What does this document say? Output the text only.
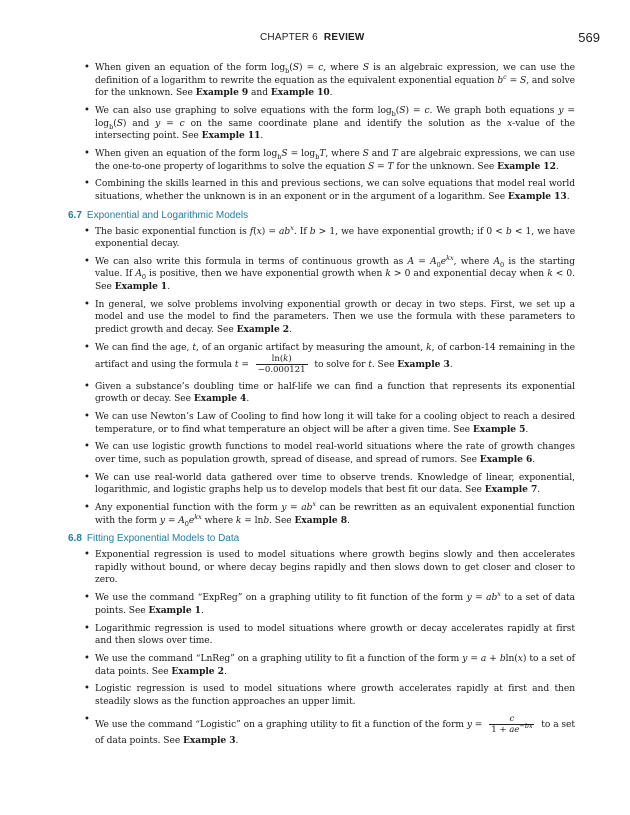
CHAPTER 6 REVIEW	569
• When given an equation of the form $\log_b(S) = c$, where S is an algebraic expression, we can use the definition of a logarithm to rewrite the equation as the equivalent exponential equation $b^c = S$, and solve for the unknown. See Example 9 and Example 10.
• We can also use graphing to solve equations with the form $\log_b(S) = c$. We graph both equations $y = \log_b(S)$ and y = c on the same coordinate plane and identify the solution as the x-value of the intersecting point. See Example 11.
• When given an equation of the form $\log_bS = \log_bT$, where S and T are algebraic expressions, we can use the one-to-one property of logarithms to solve the equation S = T for the unknown. See Example 12.
• Combining the skills learned in this and previous sections, we can solve equations that model real world situations, whether the unknown is in an exponent or in the argument of a logarithm. See Example 13.
6.7 Exponential and Logarithmic Models
• The basic exponential function is $f(x) = ab^x$. If b > 1, we have exponential growth; if 0 < b < 1, we have exponential decay.
• We can also write this formula in terms of continuous growth as $A = A_0e^{kx}$, where $A_0$ is the starting value. If $A_0$ is positive, then we have exponential growth when k > 0 and exponential decay when k < 0. See Example 1.
• In general, we solve problems involving exponential growth or decay in two steps. First, we set up a model and use the model to find the parameters. Then we use the formula with these parameters to predict growth and decay. See Example 2.
• We can find the age, t, of an organic artifact by measuring the amount, k, of carbon-14 remaining in the artifact and using the formula $t = \frac{\ln(k)}{-0.000121}$ to solve for t. See Example 3.
• Given a substance’s doubling time or half-life we can find a function that represents its exponential growth or decay. See Example 4.
• We can use Newton’s Law of Cooling to find how long it will take for a cooling object to reach a desired temperature, or to find what temperature an object will be after a given time. See Example 5.
• We can use logistic growth functions to model real-world situations where the rate of growth changes over time, such as population growth, spread of disease, and spread of rumors. See Example 6.
• We can use real-world data gathered over time to observe trends. Knowledge of linear, exponential, logarithmic, and logistic graphs help us to develop models that best fit our data. See Example 7.
• Any exponential function with the form $y = ab^x$ can be rewritten as an equivalent exponential function with the form $y = A_0e^{kx}$ where k = lnb. See Example 8.
6.8 Fitting Exponential Models to Data
• Exponential regression is used to model situations where growth begins slowly and then accelerates rapidly without bound, or where decay begins rapidly and then slows down to get closer and closer to zero.
• We use the command “ExpReg” on a graphing utility to fit function of the form $y = ab^x$ to a set of data points. See Example 1.
• Logarithmic regression is used to model situations where growth or decay accelerates rapidly at first and then slows over time.
• We use the command “LnReg” on a graphing utility to fit a function of the form y = a + bln(x) to a set of data points. See Example 2.
• Logistic regression is used to model situations where growth accelerates rapidly at first and then steadily slows as the function approaches an upper limit.
• We use the command “Logistic” on a graphing utility to fit a function of the form $y = \frac{c}{1 + ae^{-bx}}$ to a set of data points. See Example 3.
